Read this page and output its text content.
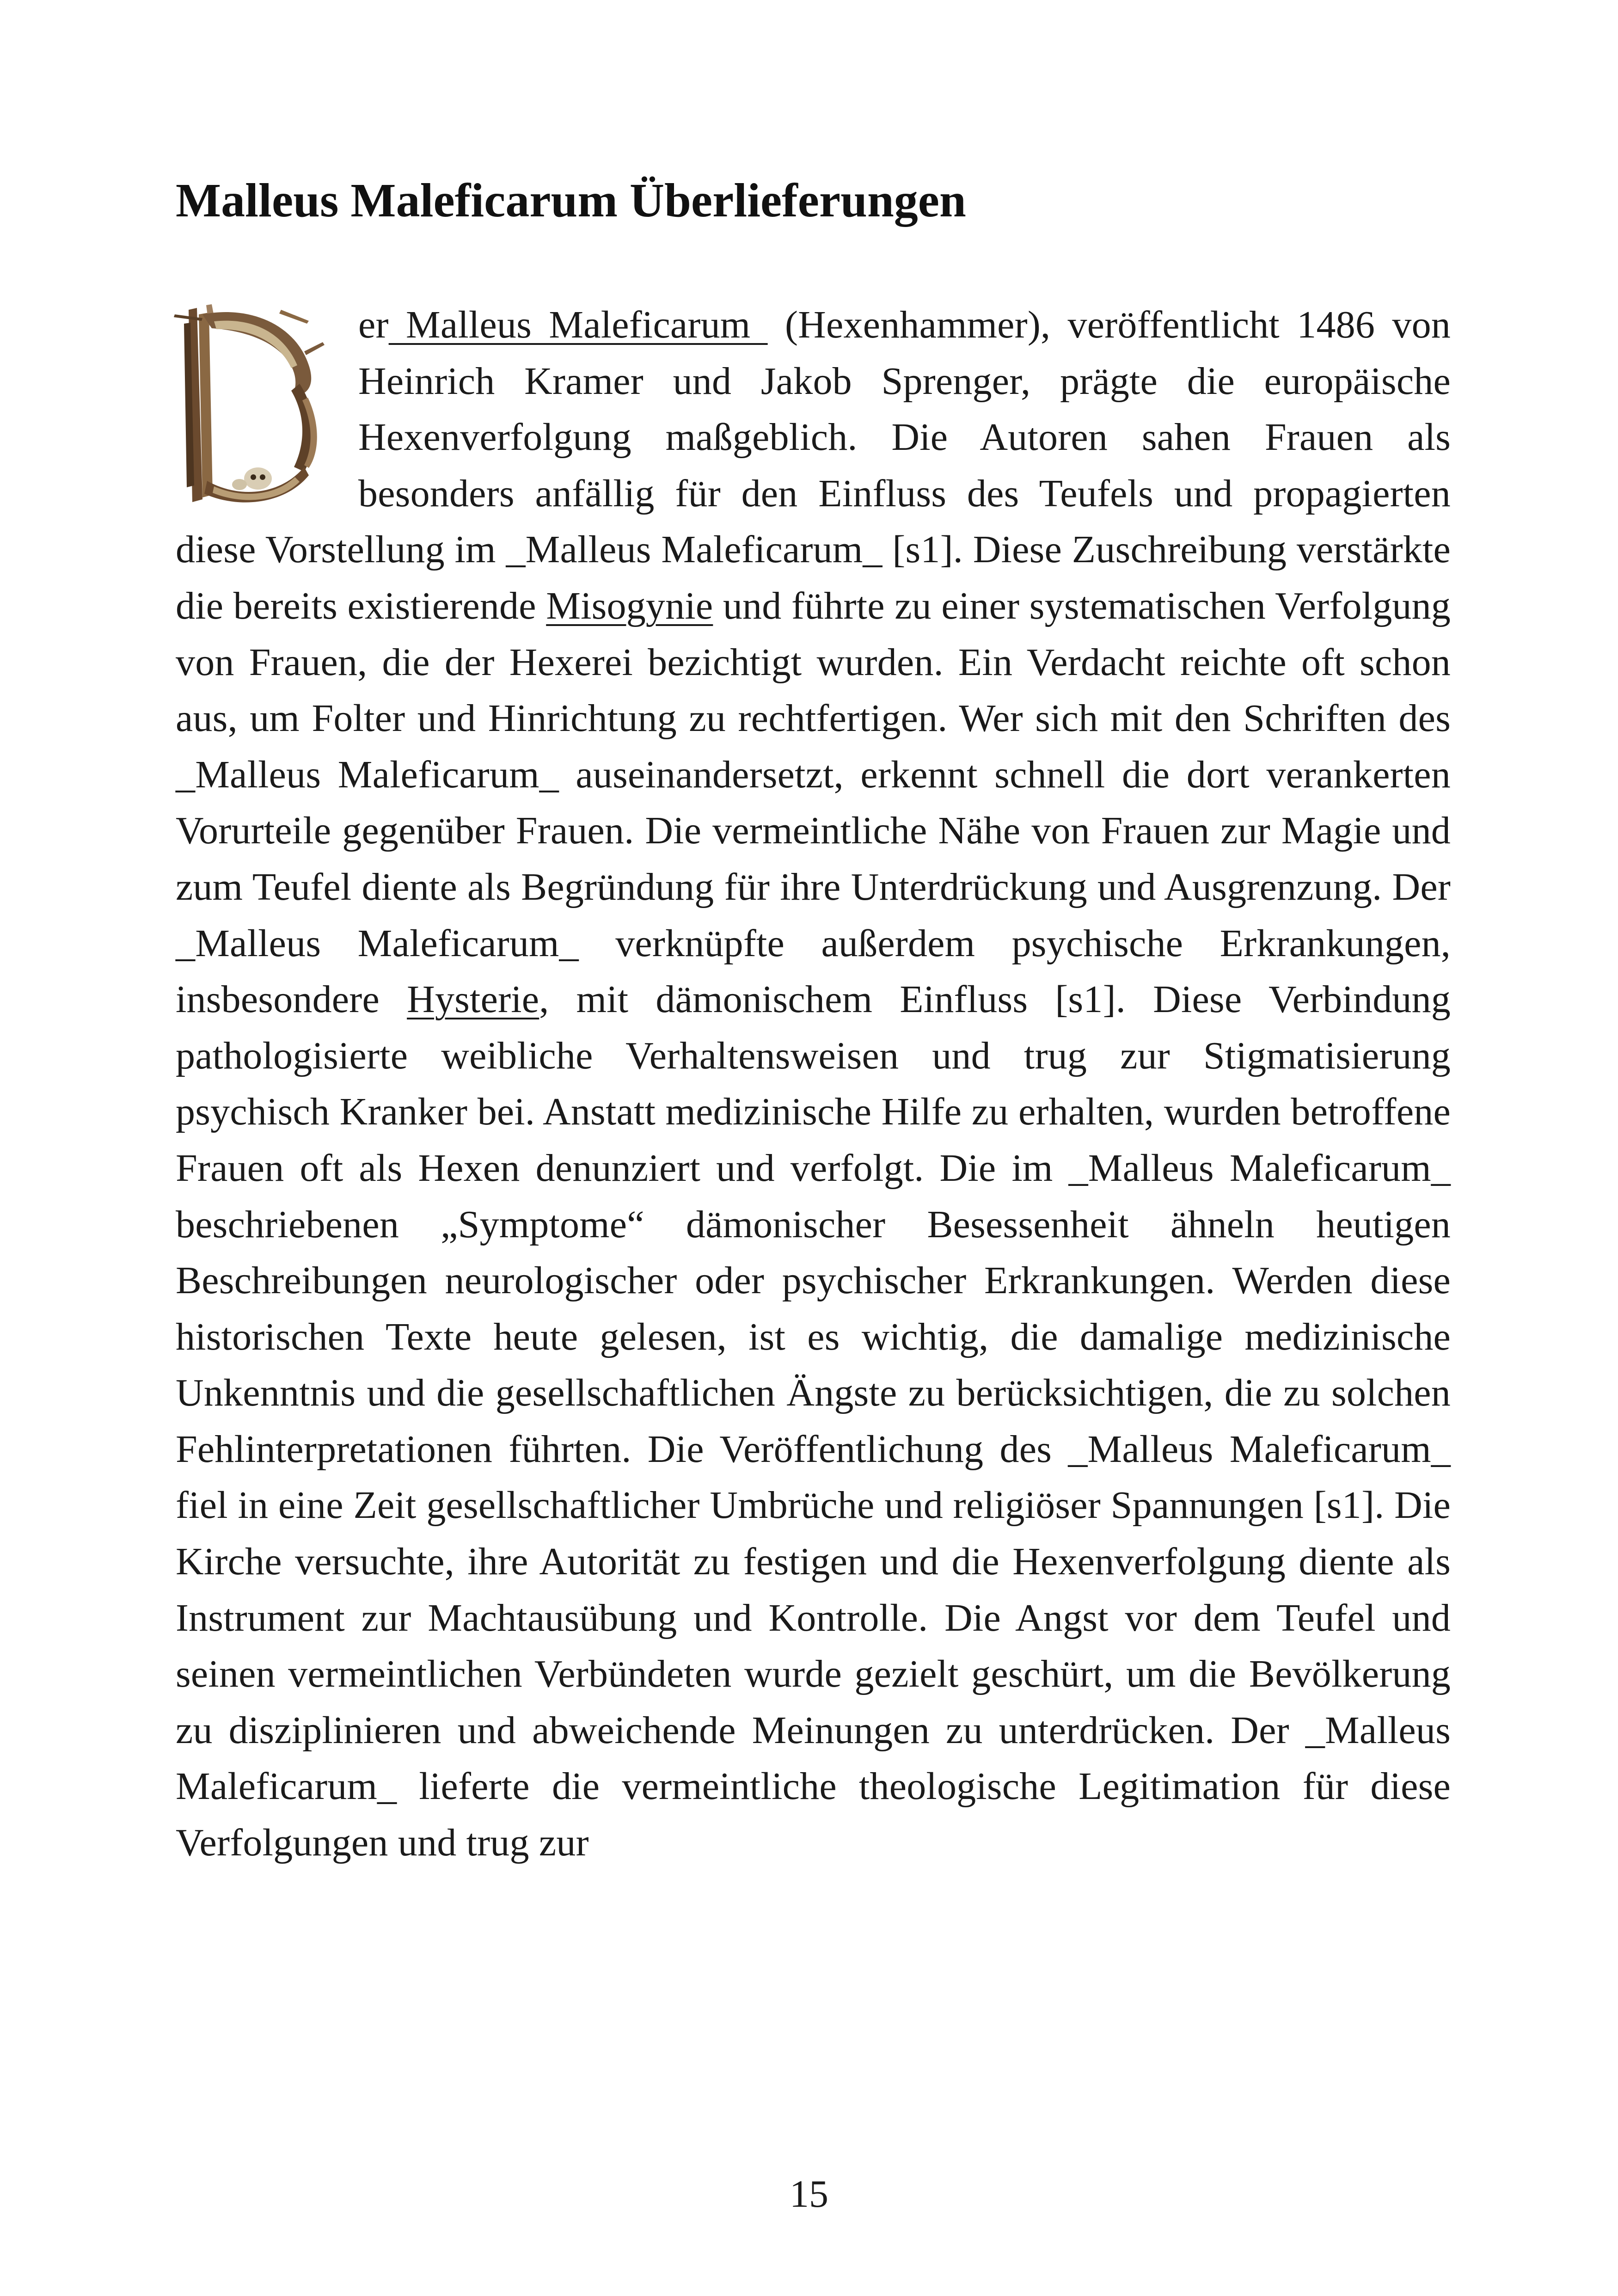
Malleus Maleficarum Überlieferungen

er Malleus Maleficarum  (Hexenhammer), veröffentlicht 1486 von Heinrich Kramer und Jakob Sprenger, prägte die europäische Hexenverfolgung maßgeblich. Die Autoren sahen Frauen als besonders anfällig für den Einfluss des Teufels und propagierten diese Vorstellung im _Malleus Maleficarum_ [s1]. Diese Zuschreibung verstärkte die bereits existierende Misogynie und führte zu einer systematischen Verfolgung von Frauen, die der Hexerei bezichtigt wurden. Ein Verdacht reichte oft schon aus, um Folter und Hinrichtung zu rechtfertigen. Wer sich mit den Schriften des _Malleus Maleficarum_ auseinandersetzt, erkennt schnell die dort verankerten Vorurteile gegenüber Frauen. Die vermeintliche Nähe von Frauen zur Magie und zum Teufel diente als Begründung für ihre Unterdrückung und Ausgrenzung. Der _Malleus Maleficarum_ verknüpfte außerdem psychische Erkrankungen, insbesondere Hysterie, mit dämonischem Einfluss [s1]. Diese Verbindung pathologisierte weibliche Verhaltensweisen und trug zur Stigmatisierung psychisch Kranker bei. Anstatt medizinische Hilfe zu erhalten, wurden betroffene Frauen oft als Hexen denunziert und verfolgt. Die im _Malleus Maleficarum_ beschriebenen „Symptome“ dämonischer Besessenheit ähneln heutigen Beschreibungen neurologischer oder psychischer Erkrankungen. Werden diese historischen Texte heute gelesen, ist es wichtig, die damalige medizinische Unkenntnis und die gesellschaftlichen Ängste zu berücksichtigen, die zu solchen Fehlinterpretationen führten. Die Veröffentlichung des _Malleus Maleficarum_ fiel in eine Zeit gesellschaftlicher Umbrüche und religiöser Spannungen [s1]. Die Kirche versuchte, ihre Autorität zu festigen und die Hexenverfolgung diente als Instrument zur Machtausübung und Kontrolle. Die Angst vor dem Teufel und seinen vermeintlichen Verbündeten wurde gezielt geschürt, um die Bevölkerung zu disziplinieren und abweichende Meinungen zu unterdrücken. Der _Malleus Maleficarum_ lieferte die vermeintliche theologische Legitimation für diese Verfolgungen und trug zur

15
